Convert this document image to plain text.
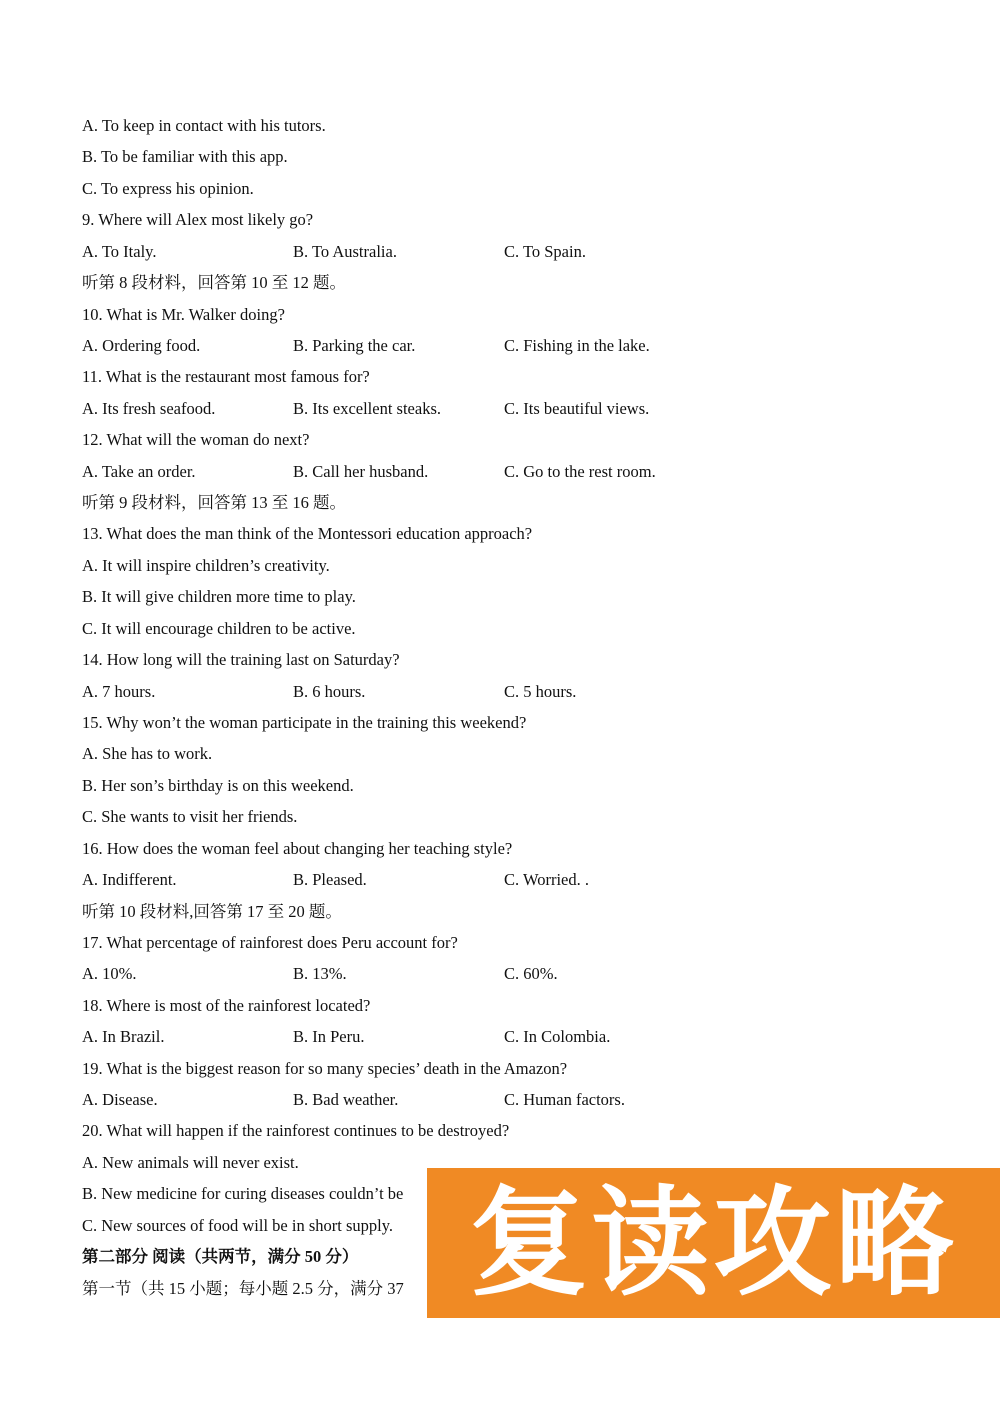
A. To keep in contact with his tutors.
B. To be familiar with this app.
C. To express his opinion.
9. Where will Alex most likely go?
A. To Italy.	B. To Australia.	C. To Spain.
听第 8 段材料，回答第 10 至 12 题。
10. What is Mr. Walker doing?
A. Ordering food.	B. Parking the car.	C. Fishing in the lake.
11. What is the restaurant most famous for?
A. Its fresh seafood.	B. Its excellent steaks.	C. Its beautiful views.
12. What will the woman do next?
A. Take an order.	B. Call her husband.	C. Go to the rest room.
听第 9 段材料，回答第 13 至 16 题。
13. What does the man think of the Montessori education approach?
A. It will inspire children’s creativity.
B. It will give children more time to play.
C. It will encourage children to be active.
14. How long will the training last on Saturday?
A. 7 hours.	B. 6 hours.	C. 5 hours.
15. Why won’t the woman participate in the training this weekend?
A. She has to work.
B. Her son’s birthday is on this weekend.
C. She wants to visit her friends.
16. How does the woman feel about changing her teaching style?
A. Indifferent.	B. Pleased.	C. Worried. .
听第 10 段材料,回答第 17 至 20 题。
17. What percentage of rainforest does Peru account for?
A. 10%.	B. 13%.	C. 60%.
18. Where is most of the rainforest located?
A. In Brazil.	B. In Peru.	C. In Colombia.
19. What is the biggest reason for so many species’ death in the Amazon?
A. Disease.	B. Bad weather.	C. Human factors.
20. What will happen if the rainforest continues to be destroyed?
A. New animals will never exist.
B. New medicine for curing diseases couldn’t be
C. New sources of food will be in short supply.
第二部分 阅读（共两节，满分 50 分）
第一节（共 15 小题；每小题 2.5 分，满分 37 复读攻略
